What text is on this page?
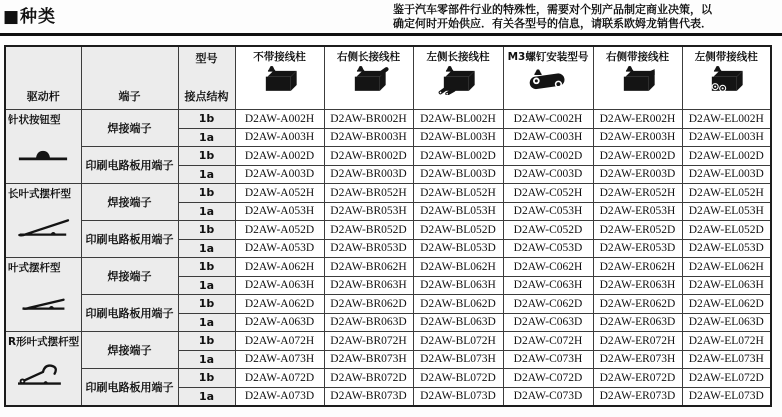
■种类	鉴于汽车零部件行业的特殊性，需要对个别产品制定商业决策，以
确定何时开始供应．有关各型号的信息，请联系欧姆龙销售代表．
驱动杆	端子	型号
接点结构	不带接线柱	右侧长接线柱	左侧长接线柱	M3螺钉安装型号	右侧带接线柱	左侧带接线柱

针状按钮型	焊接端子	1b	D2AW-A002H	D2AW-BR002H	D2AW-BL002H	D2AW-C002H	D2AW-ER002H	D2AW-EL002H
		1a	D2AW-A003H	D2AW-BR003H	D2AW-BL003H	D2AW-C003H	D2AW-ER003H	D2AW-EL003H
	印刷电路板用端子	1b	D2AW-A002D	D2AW-BR002D	D2AW-BL002D	D2AW-C002D	D2AW-ER002D	D2AW-EL002D
		1a	D2AW-A003D	D2AW-BR003D	D2AW-BL003D	D2AW-C003D	D2AW-ER003D	D2AW-EL003D

长叶式摆杆型	焊接端子	1b	D2AW-A052H	D2AW-BR052H	D2AW-BL052H	D2AW-C052H	D2AW-ER052H	D2AW-EL052H
		1a	D2AW-A053H	D2AW-BR053H	D2AW-BL053H	D2AW-C053H	D2AW-ER053H	D2AW-EL053H
	印刷电路板用端子	1b	D2AW-A052D	D2AW-BR052D	D2AW-BL052D	D2AW-C052D	D2AW-ER052D	D2AW-EL052D
		1a	D2AW-A053D	D2AW-BR053D	D2AW-BL053D	D2AW-C053D	D2AW-ER053D	D2AW-EL053D

叶式摆杆型	焊接端子	1b	D2AW-A062H	D2AW-BR062H	D2AW-BL062H	D2AW-C062H	D2AW-ER062H	D2AW-EL062H
		1a	D2AW-A063H	D2AW-BR063H	D2AW-BL063H	D2AW-C063H	D2AW-ER063H	D2AW-EL063H
	印刷电路板用端子	1b	D2AW-A062D	D2AW-BR062D	D2AW-BL062D	D2AW-C062D	D2AW-ER062D	D2AW-EL062D
		1a	D2AW-A063D	D2AW-BR063D	D2AW-BL063D	D2AW-C063D	D2AW-ER063D	D2AW-EL063D

R形叶式摆杆型	焊接端子	1b	D2AW-A072H	D2AW-BR072H	D2AW-BL072H	D2AW-C072H	D2AW-ER072H	D2AW-EL072H
		1a	D2AW-A073H	D2AW-BR073H	D2AW-BL073H	D2AW-C073H	D2AW-ER073H	D2AW-EL073H
	印刷电路板用端子	1b	D2AW-A072D	D2AW-BR072D	D2AW-BL072D	D2AW-C072D	D2AW-ER072D	D2AW-EL072D
		1a	D2AW-A073D	D2AW-BR073D	D2AW-BL073D	D2AW-C073D	D2AW-ER073D	D2AW-EL073D
